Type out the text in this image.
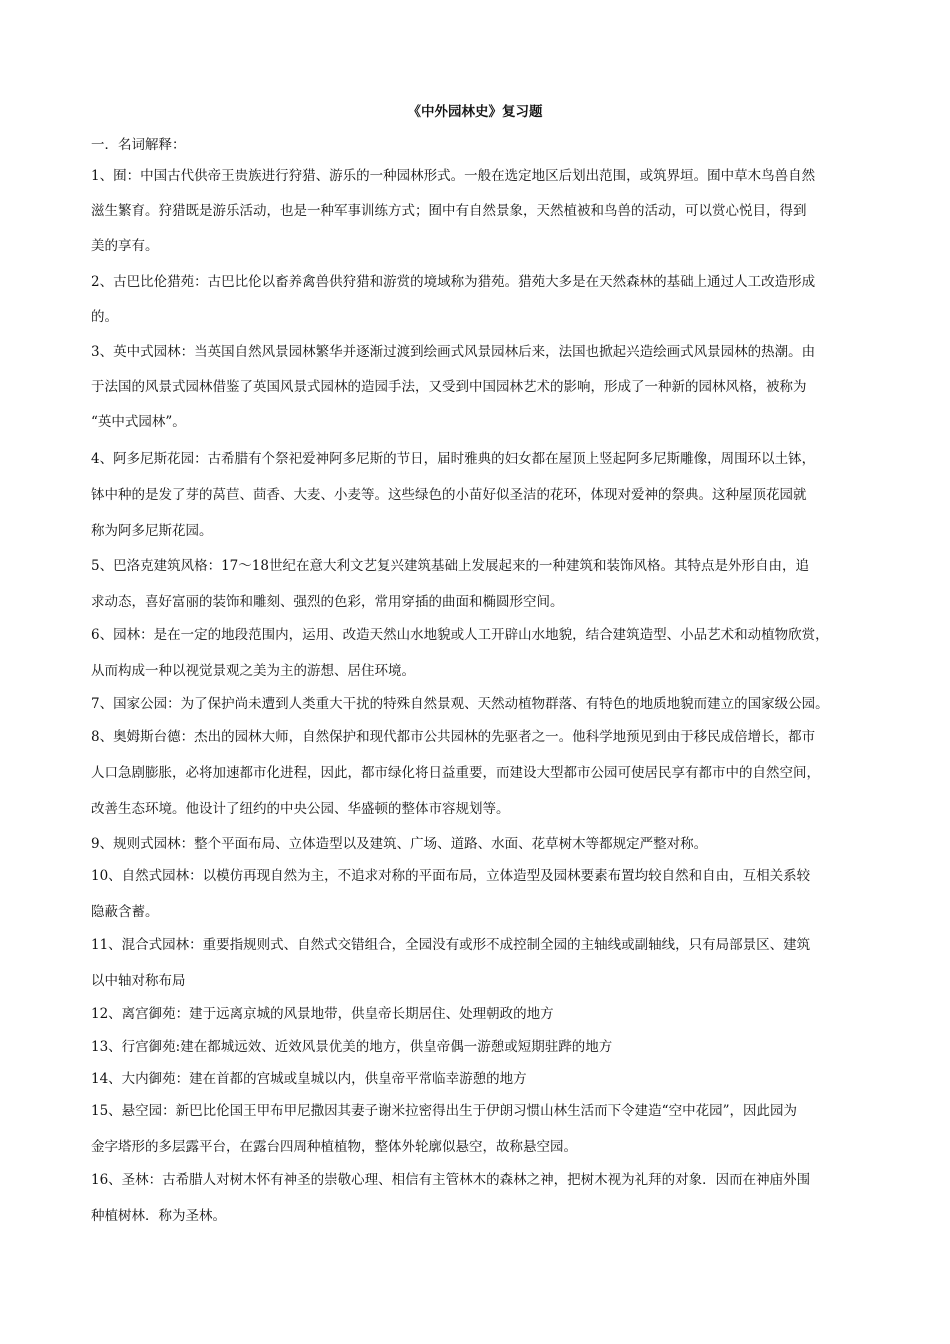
《中外园林史》复习题

一．名词解释：

1、囿：中国古代供帝王贵族进行狩猎、游乐的一种园林形式。一般在选定地区后划出范围，或筑界垣。囿中草木鸟兽自然
滋生繁育。狩猎既是游乐活动，也是一种军事训练方式；囿中有自然景象，天然植被和鸟兽的活动，可以赏心悦目，得到
美的享有。
2、古巴比伦猎苑：古巴比伦以畜养禽兽供狩猎和游赏的境域称为猎苑。猎苑大多是在天然森林的基础上通过人工改造形成
的。
3、英中式园林：当英国自然风景园林繁华并逐渐过渡到绘画式风景园林后来，法国也掀起兴造绘画式风景园林的热潮。由
于法国的风景式园林借鉴了英国风景式园林的造园手法，又受到中国园林艺术的影响，形成了一种新的园林风格，被称为
“英中式园林”。
4、阿多尼斯花园：古希腊有个祭祀爱神阿多尼斯的节日，届时雅典的妇女都在屋顶上竖起阿多尼斯雕像，周围环以土钵，
钵中种的是发了芽的莴苣、茴香、大麦、小麦等。这些绿色的小苗好似圣洁的花环，体现对爱神的祭典。这种屋顶花园就
称为阿多尼斯花园。
5、巴洛克建筑风格：17～18世纪在意大利文艺复兴建筑基础上发展起来的一种建筑和装饰风格。其特点是外形自由，追
求动态，喜好富丽的装饰和雕刻、强烈的色彩，常用穿插的曲面和椭圆形空间。
6、园林：是在一定的地段范围内，运用、改造天然山水地貌或人工开辟山水地貌，结合建筑造型、小品艺术和动植物欣赏，
从而构成一种以视觉景观之美为主的游想、居住环境。
7、国家公园：为了保护尚未遭到人类重大干扰的特殊自然景观、天然动植物群落、有特色的地质地貌而建立的国家级公园。
8、奥姆斯台德：杰出的园林大师，自然保护和现代都市公共园林的先驱者之一。他科学地预见到由于移民成倍增长，都市
人口急剧膨胀，必将加速都市化进程，因此，都市绿化将日益重要，而建设大型都市公园可使居民享有都市中的自然空间，
改善生态环境。他设计了纽约的中央公园、华盛顿的整体市容规划等。
9、规则式园林：整个平面布局、立体造型以及建筑、广场、道路、水面、花草树木等都规定严整对称。
10、自然式园林：以模仿再现自然为主，不追求对称的平面布局，立体造型及园林要素布置均较自然和自由，互相关系较
隐蔽含蓄。
11、混合式园林：重要指规则式、自然式交错组合，全园没有或形不成控制全园的主轴线或副轴线，只有局部景区、建筑
以中轴对称布局
12、离宫御苑：建于远离京城的风景地带，供皇帝长期居住、处理朝政的地方
13、行宫御苑:建在都城远效、近效风景优美的地方，供皇帝偶一游憩或短期驻跸的地方
14、大内御苑：建在首都的宫城或皇城以内，供皇帝平常临幸游憩的地方
15、悬空园：新巴比伦国王甲布甲尼撒因其妻子谢米拉密得出生于伊朗习惯山林生活而下令建造“空中花园”，因此园为
金字塔形的多层露平台，在露台四周种植植物，整体外轮廓似悬空，故称悬空园。
16、圣林：古希腊人对树木怀有神圣的崇敬心理、相信有主管林木的森林之神，把树木视为礼拜的对象．因而在神庙外围
种植树林．称为圣林。
